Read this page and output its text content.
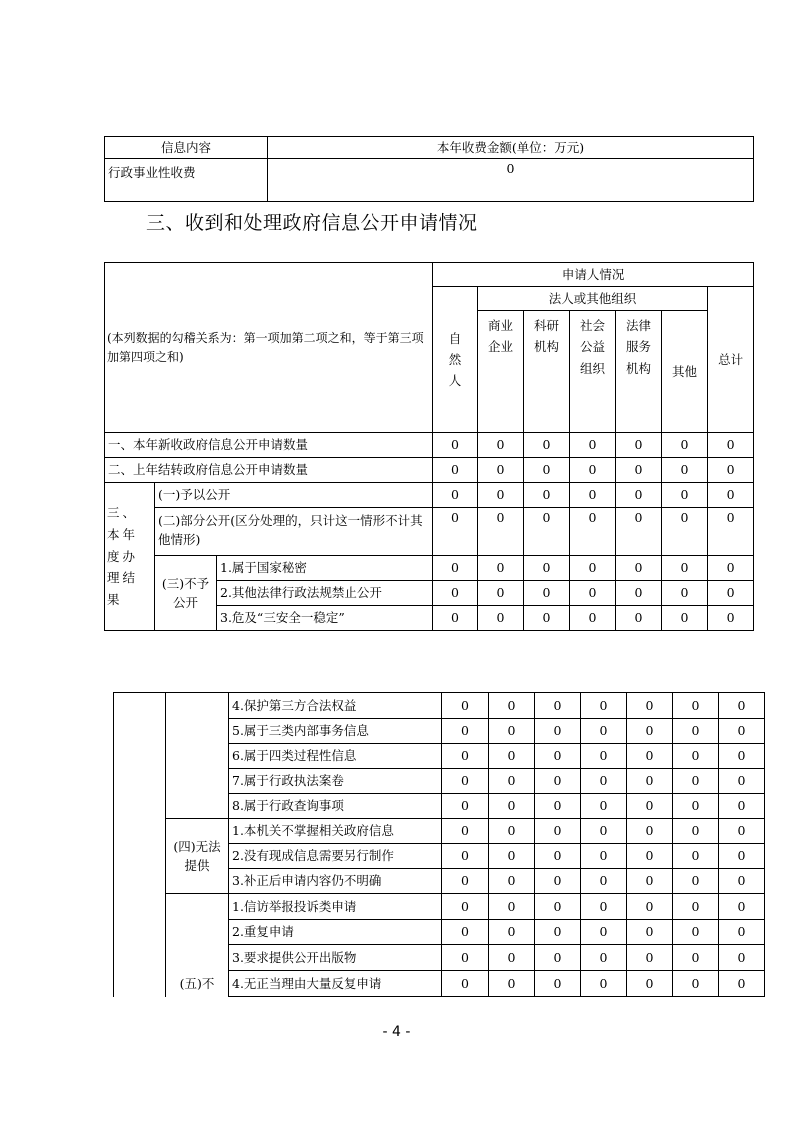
信息内容	本年收费金额(单位：万元)
行政事业性收费	0
三、收到和处理政府信息公开申请情况
(本列数据的勾稽关系为：第一项加第二项之和，等于第三项加第四项之和)			申请人情况						

			自然人	法人或其他组织					总计

				商业企业	科研机构	社会公益组织	法律服务机构	其他	
一、本年新收政府信息公开申请数量			0	0	0	0	0	0	0
二、上年结转政府信息公开申请数量			0	0	0	0	0	0	0
三、本年度办理结果	(一)予以公开		0	0	0	0	0	0	0
	(二)部分公开(区分处理的，只计这一情形不计其他情形)		0	0	0	0	0	0	0
	(三)不予公开	1.属于国家秘密	0	0	0	0	0	0	0
		2.其他法律行政法规禁止公开	0	0	0	0	0	0	0
		3.危及“三安全一稳定”	0	0	0	0	0	0	0
		4.保护第三方合法权益	0	0	0	0	0	0	0
		5.属于三类内部事务信息	0	0	0	0	0	0	0
		6.属于四类过程性信息	0	0	0	0	0	0	0
		7.属于行政执法案卷	0	0	0	0	0	0	0
		8.属于行政查询事项	0	0	0	0	0	0	0
	(四)无法提供	1.本机关不掌握相关政府信息	0	0	0	0	0	0	0
		2.没有现成信息需要另行制作	0	0	0	0	0	0	0
		3.补正后申请内容仍不明确	0	0	0	0	0	0	0
	(五)不	1.信访举报投诉类申请	0	0	0	0	0	0	0
		2.重复申请	0	0	0	0	0	0	0
		3.要求提供公开出版物	0	0	0	0	0	0	0
		4.无正当理由大量反复申请	0	0	0	0	0	0	0
- 4 -
